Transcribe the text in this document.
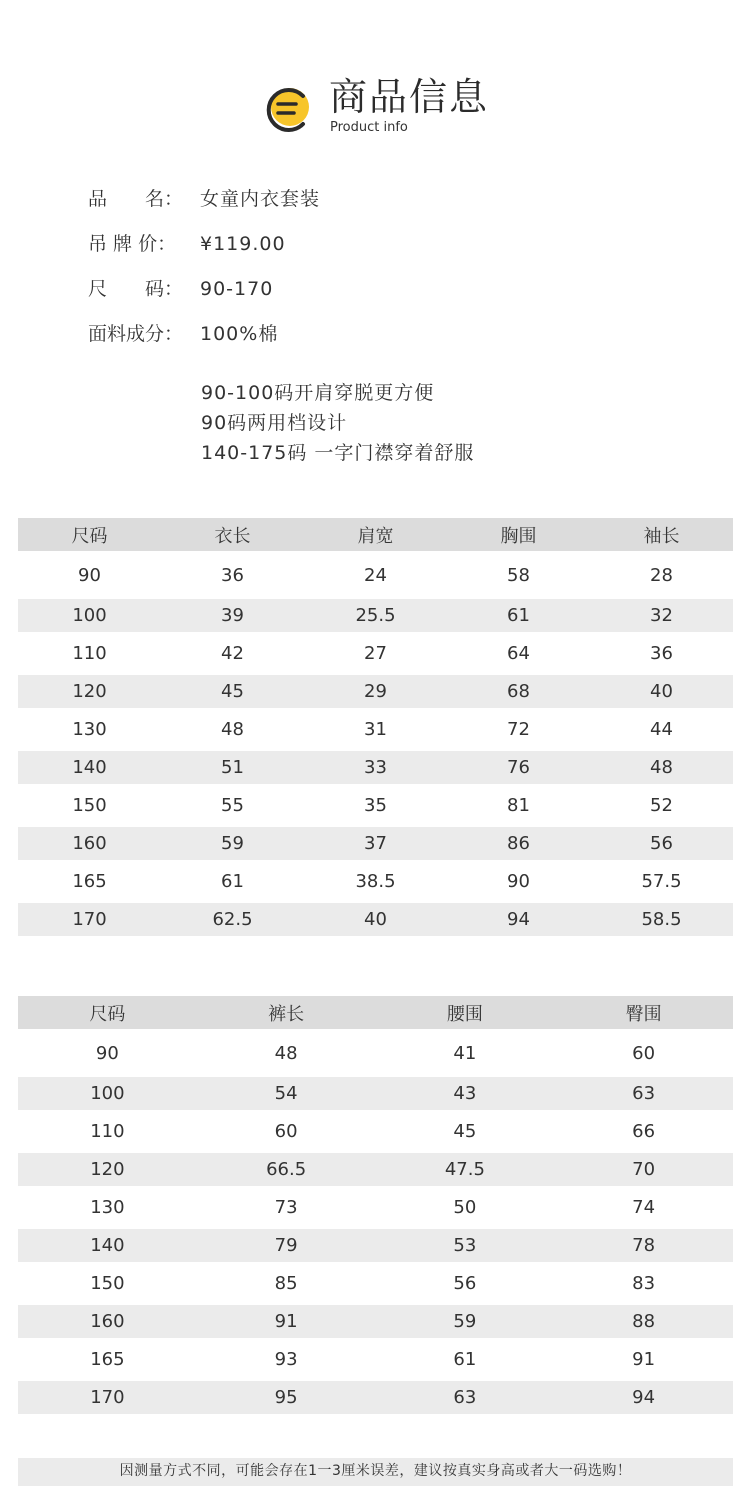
商品信息
Product info
品　　名： 女童内衣套装
吊 牌 价：	¥119.00
尺　　码： 90-170
面料成分： 100%棉
90-100码开肩穿脱更方便
90码两用档设计
140-175码 一字门襟穿着舒服
尺码	衣长	肩宽	胸围	袖长
90	36	24	58	28
100	39	25.5	61	32
110	42	27	64	36
120	45	29	68	40
130	48	31	72	44
140	51	33	76	48
150	55	35	81	52
160	59	37	86	56
165	61	38.5	90	57.5
170	62.5	40	94	58.5
尺码	裤长	腰围	臀围
90	48	41	60
100	54	43	63
110	60	45	66
120	66.5	47.5	70
130	73	50	74
140	79	53	78
150	85	56	83
160	91	59	88
165	93	61	91
170	95	63	94
因测量方式不同，可能会存在1一3厘米误差，建议按真实身高或者大一码选购！
